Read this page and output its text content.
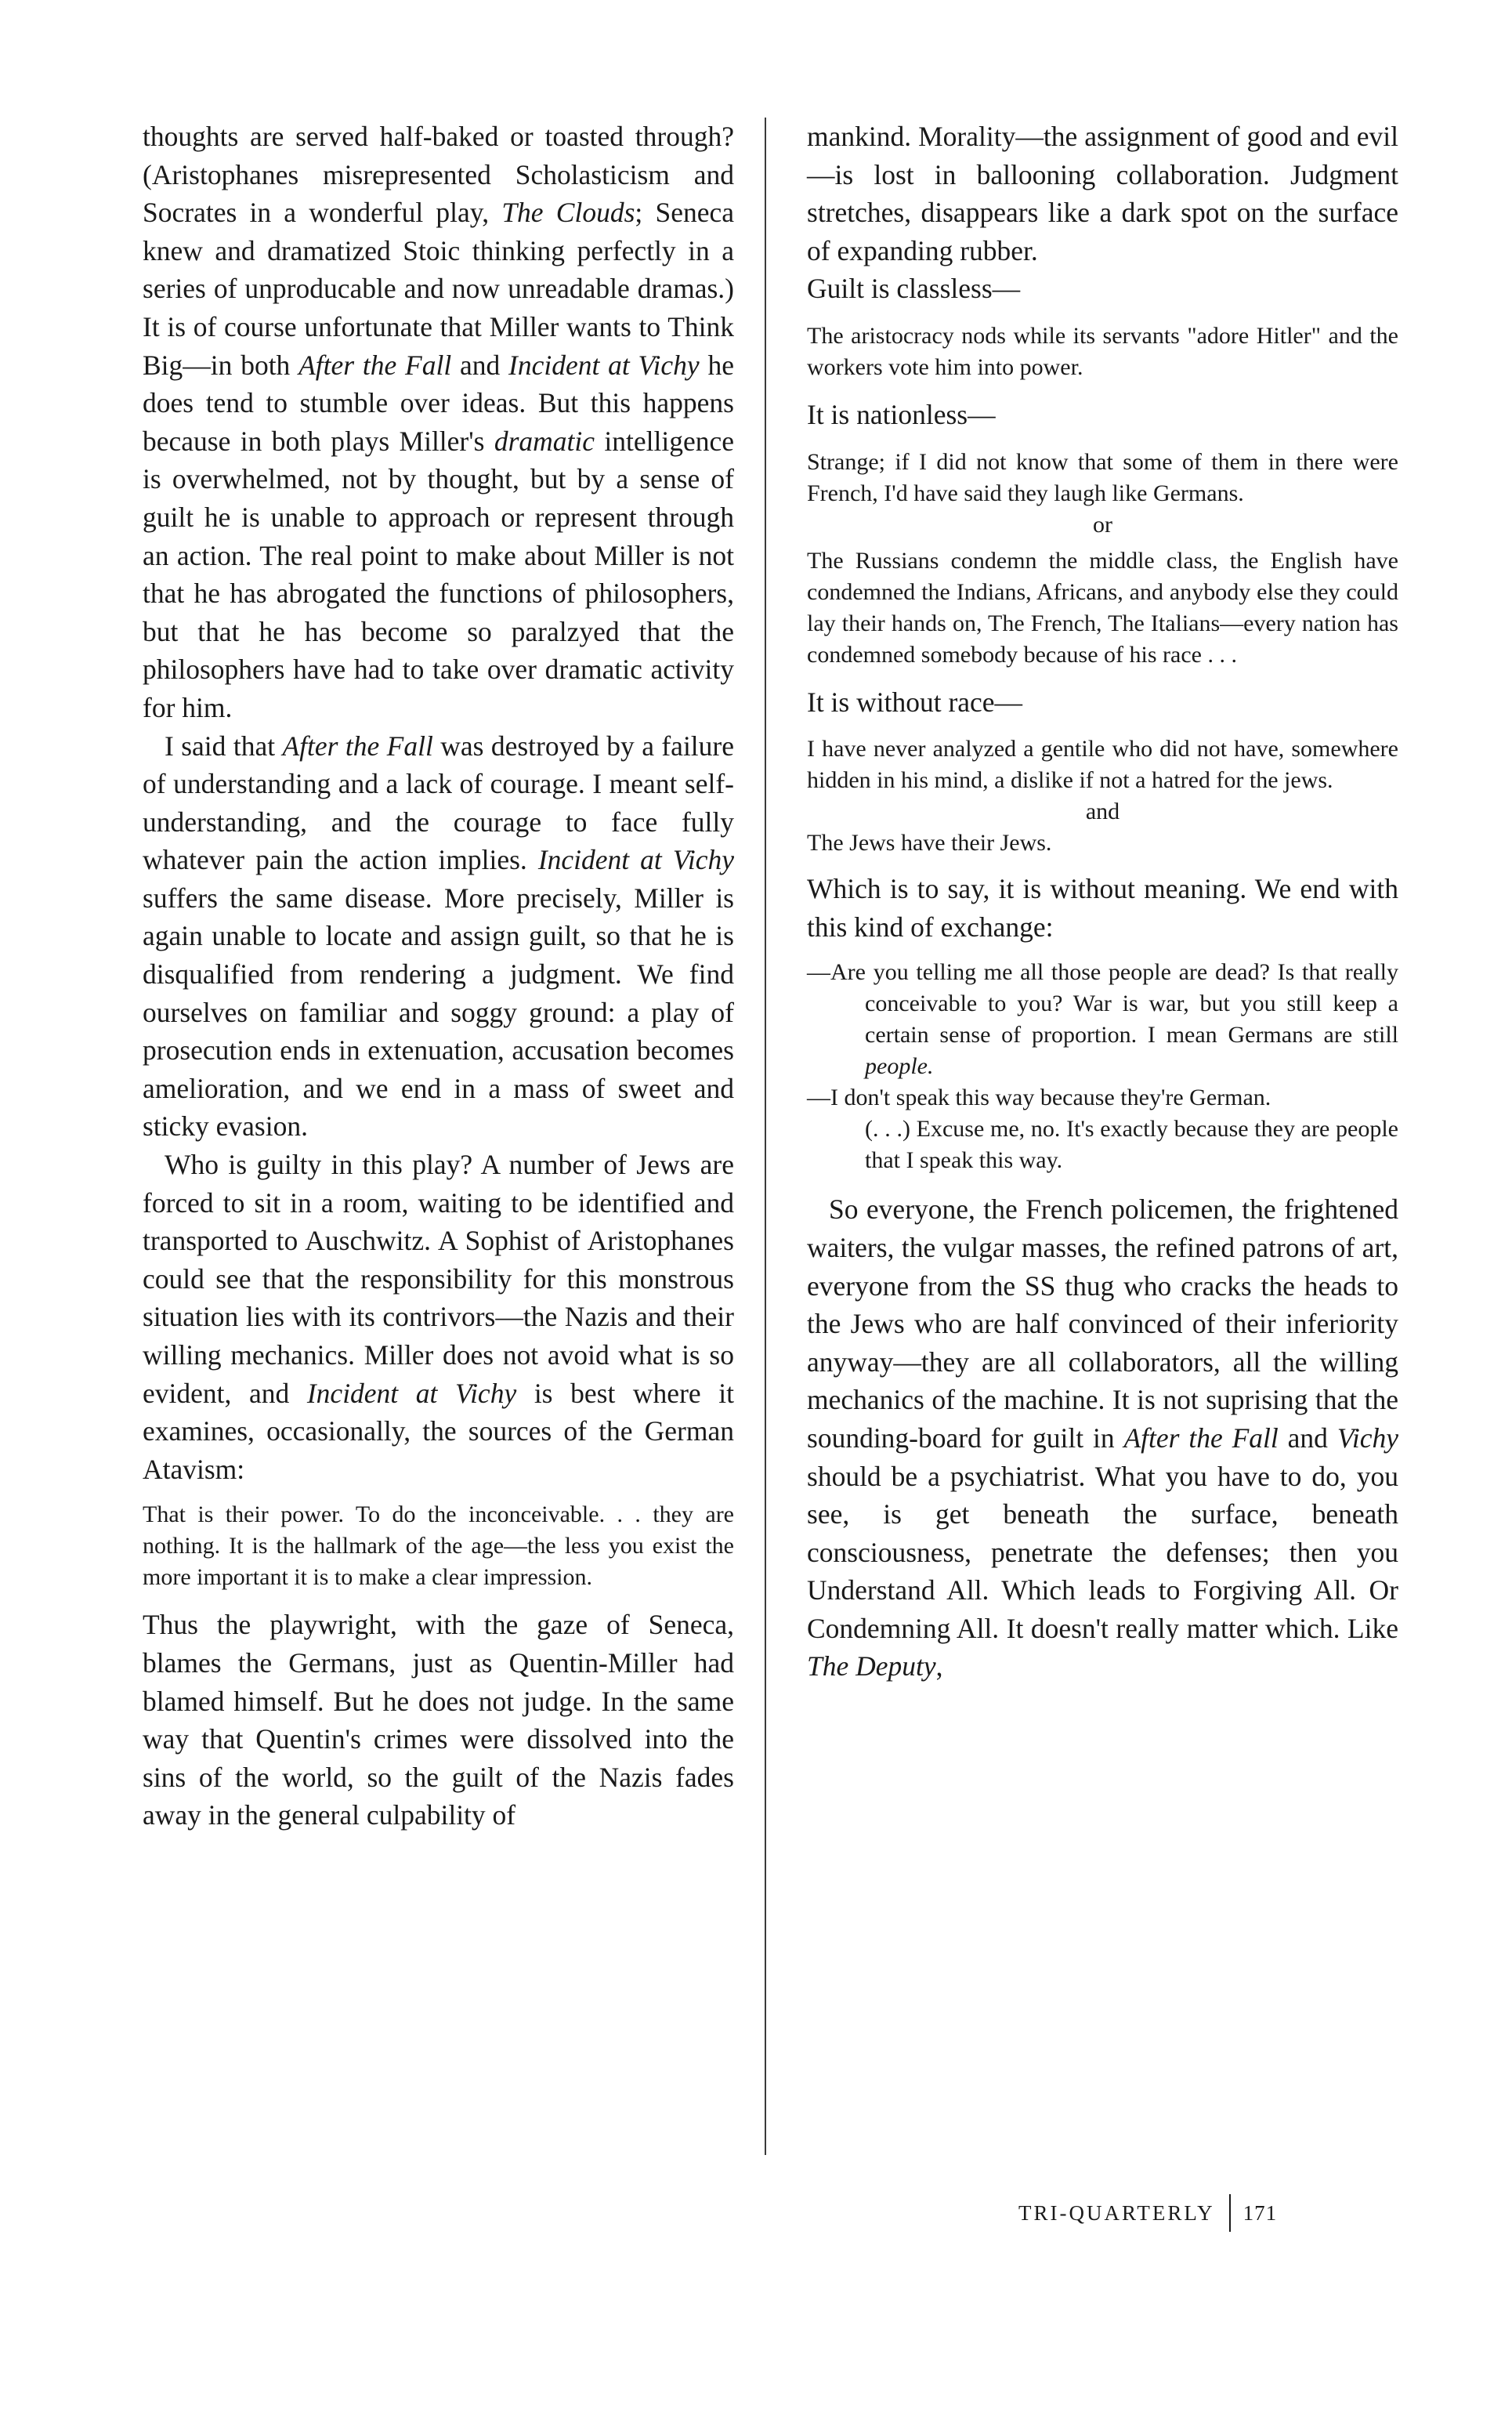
thoughts are served half-baked or toasted through? (Aristophanes misrepresented Scholasticism and Socrates in a wonderful play, The Clouds; Seneca knew and dramatized Stoic thinking perfectly in a series of unproducable and now unreadable dramas.) It is of course unfortunate that Miller wants to Think Big—in both After the Fall and Incident at Vichy he does tend to stumble over ideas. But this happens because in both plays Miller's dramatic intelligence is overwhelmed, not by thought, but by a sense of guilt he is unable to approach or represent through an action. The real point to make about Miller is not that he has abrogated the functions of philosophers, but that he has become so paralzyed that the philosophers have had to take over dramatic activity for him.

I said that After the Fall was destroyed by a failure of understanding and a lack of courage. I meant self-understanding, and the courage to face fully whatever pain the action implies. Incident at Vichy suffers the same disease. More precisely, Miller is again unable to locate and assign guilt, so that he is disqualified from rendering a judgment. We find ourselves on familiar and soggy ground: a play of prosecution ends in extenuation, accusation becomes amelioration, and we end in a mass of sweet and sticky evasion.

Who is guilty in this play? A number of Jews are forced to sit in a room, waiting to be identified and transported to Auschwitz. A Sophist of Aristophanes could see that the responsibility for this monstrous situation lies with its contrivors—the Nazis and their willing mechanics. Miller does not avoid what is so evident, and Incident at Vichy is best where it examines, occasionally, the sources of the German Atavism:

That is their power. To do the inconceivable. . . they are nothing. It is the hallmark of the age—the less you exist the more important it is to make a clear impression.

Thus the playwright, with the gaze of Seneca, blames the Germans, just as Quentin-Miller had blamed himself. But he does not judge. In the same way that Quentin's crimes were dissolved into the sins of the world, so the guilt of the Nazis fades away in the general culpability of

mankind. Morality—the assignment of good and evil—is lost in ballooning collaboration. Judgment stretches, disappears like a dark spot on the surface of expanding rubber.

Guilt is classless—

The aristocracy nods while its servants "adore Hitler" and the workers vote him into power.

It is nationless—

Strange; if I did not know that some of them in there were French, I'd have said they laugh like Germans.

or

The Russians condemn the middle class, the English have condemned the Indians, Africans, and anybody else they could lay their hands on, The French, The Italians—every nation has condemned somebody because of his race . . .

It is without race—

I have never analyzed a gentile who did not have, somewhere hidden in his mind, a dislike if not a hatred for the jews.

and

The Jews have their Jews.

Which is to say, it is without meaning. We end with this kind of exchange:

—Are you telling me all those people are dead? Is that really conceivable to you? War is war, but you still keep a certain sense of proportion. I mean Germans are still people.

—I don't speak this way because they're German.

(. . .) Excuse me, no. It's exactly because they are people that I speak this way.

So everyone, the French policemen, the frightened waiters, the vulgar masses, the refined patrons of art, everyone from the SS thug who cracks the heads to the Jews who are half convinced of their inferiority anyway—they are all collaborators, all the willing mechanics of the machine. It is not suprising that the sounding-board for guilt in After the Fall and Vichy should be a psychiatrist. What you have to do, you see, is get beneath the surface, beneath consciousness, penetrate the defenses; then you Understand All. Which leads to Forgiving All. Or Condemning All. It doesn't really matter which. Like The Deputy,

TRI-QUARTERLY 171
